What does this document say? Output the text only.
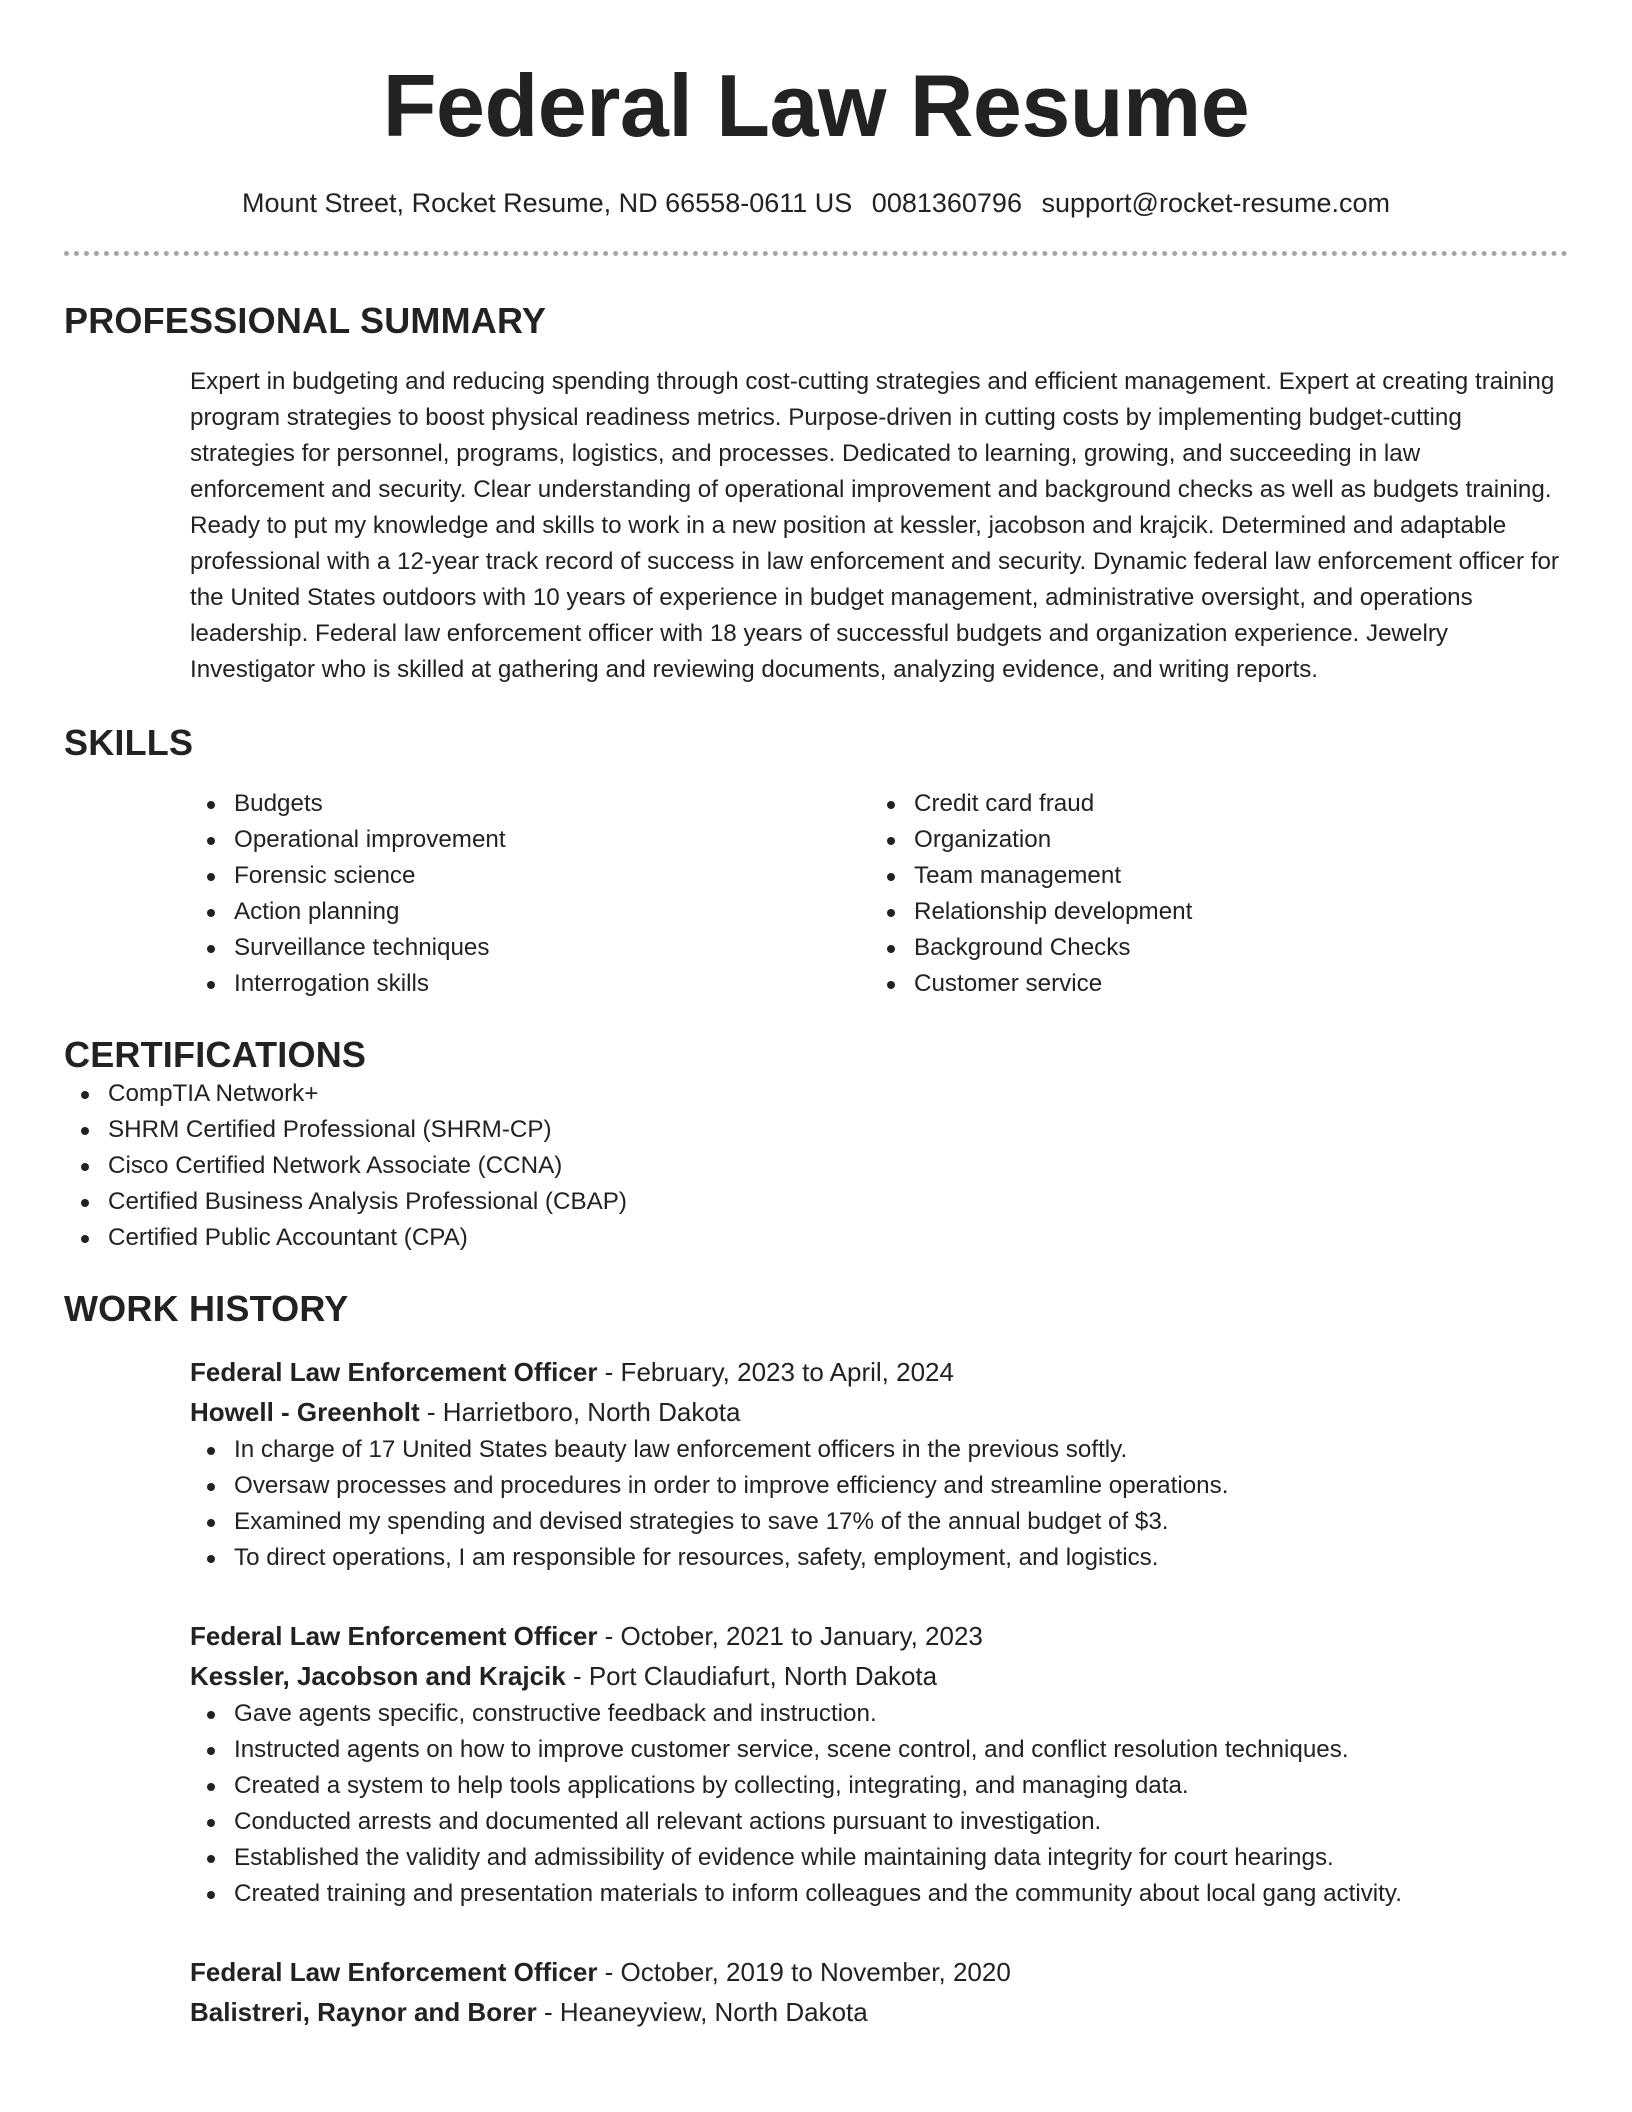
Federal Law Resume
Mount Street, Rocket Resume, ND 66558-0611 US 0081360796 support@rocket-resume.com
PROFESSIONAL SUMMARY

Expert in budgeting and reducing spending through cost-cutting strategies and efficient management. Expert at creating training program strategies to boost physical readiness metrics. Purpose-driven in cutting costs by implementing budget-cutting strategies for personnel, programs, logistics, and processes. Dedicated to learning, growing, and succeeding in law enforcement and security. Clear understanding of operational improvement and background checks as well as budgets training. Ready to put my knowledge and skills to work in a new position at kessler, jacobson and krajcik. Determined and adaptable professional with a 12-year track record of success in law enforcement and security. Dynamic federal law enforcement officer for the United States outdoors with 10 years of experience in budget management, administrative oversight, and operations leadership. Federal law enforcement officer with 18 years of successful budgets and organization experience. Jewelry Investigator who is skilled at gathering and reviewing documents, analyzing evidence, and writing reports.

SKILLS
Budgets
Operational improvement
Forensic science
Action planning
Surveillance techniques
Interrogation skills
Credit card fraud
Organization
Team management
Relationship development
Background Checks
Customer service
CERTIFICATIONS
CompTIA Network+
SHRM Certified Professional (SHRM-CP)
Cisco Certified Network Associate (CCNA)
Certified Business Analysis Professional (CBAP)
Certified Public Accountant (CPA)
WORK HISTORY
Federal Law Enforcement Officer - February, 2023 to April, 2024
Howell - Greenholt - Harrietboro, North Dakota
In charge of 17 United States beauty law enforcement officers in the previous softly.
Oversaw processes and procedures in order to improve efficiency and streamline operations.
Examined my spending and devised strategies to save 17% of the annual budget of $3.
To direct operations, I am responsible for resources, safety, employment, and logistics.
Federal Law Enforcement Officer - October, 2021 to January, 2023
Kessler, Jacobson and Krajcik - Port Claudiafurt, North Dakota
Gave agents specific, constructive feedback and instruction.
Instructed agents on how to improve customer service, scene control, and conflict resolution techniques.
Created a system to help tools applications by collecting, integrating, and managing data.
Conducted arrests and documented all relevant actions pursuant to investigation.
Established the validity and admissibility of evidence while maintaining data integrity for court hearings.
Created training and presentation materials to inform colleagues and the community about local gang activity.
Federal Law Enforcement Officer - October, 2019 to November, 2020
Balistreri, Raynor and Borer - Heaneyview, North Dakota
